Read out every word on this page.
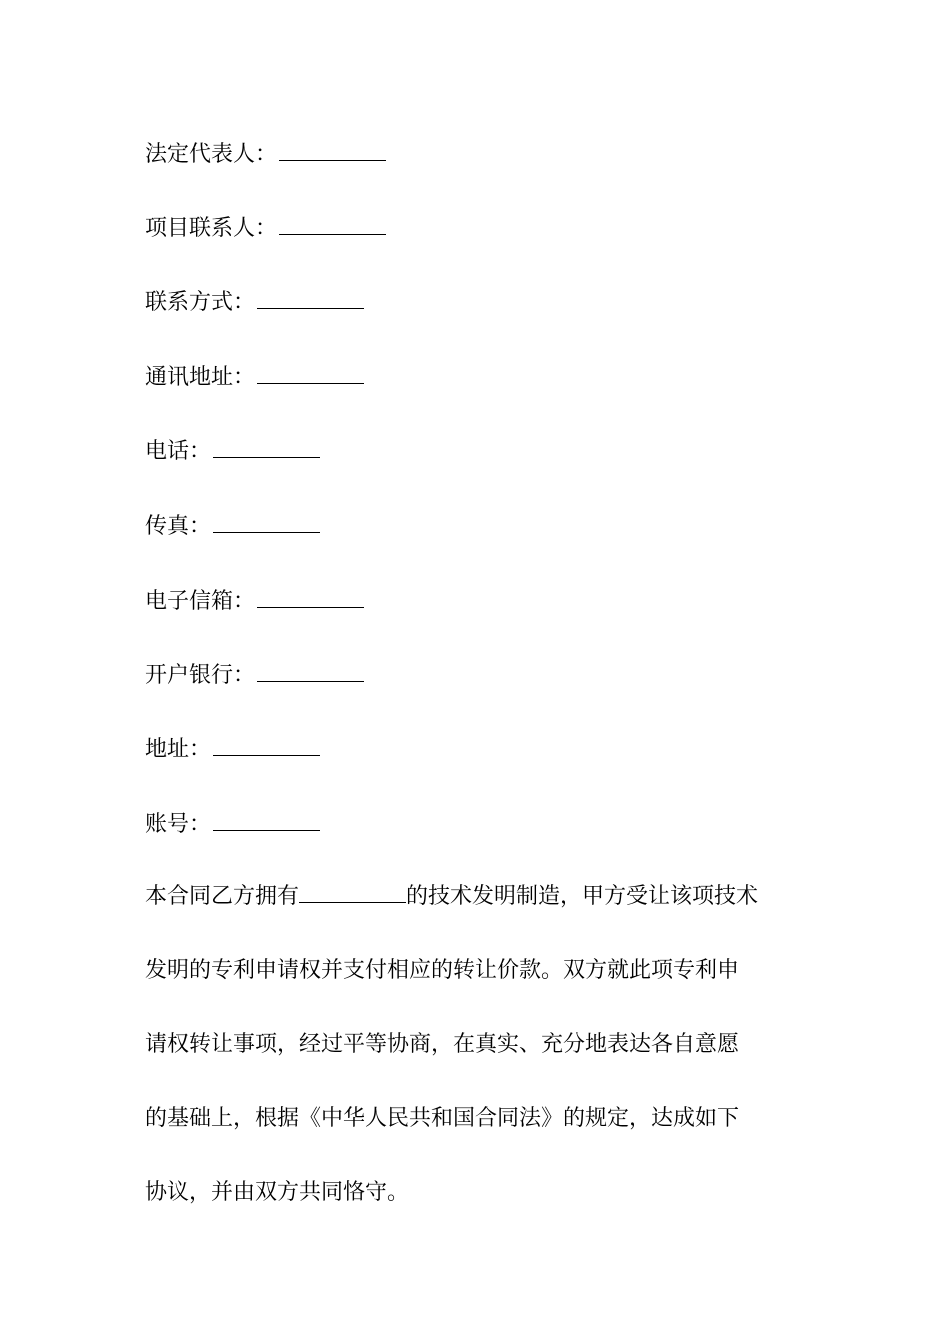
法定代表人：
项目联系人：
联系方式：
通讯地址：
电话：
传真：
电子信箱：
开户银行：
地址：
账号：

本合同乙方拥有	的技术发明制造，甲方受让该项技术
发明的专利申请权并支付相应的转让价款。双方就此项专利申
请权转让事项，经过平等协商，在真实、充分地表达各自意愿
的基础上，根据《中华人民共和国合同法》的规定，达成如下
协议，并由双方共同恪守。
